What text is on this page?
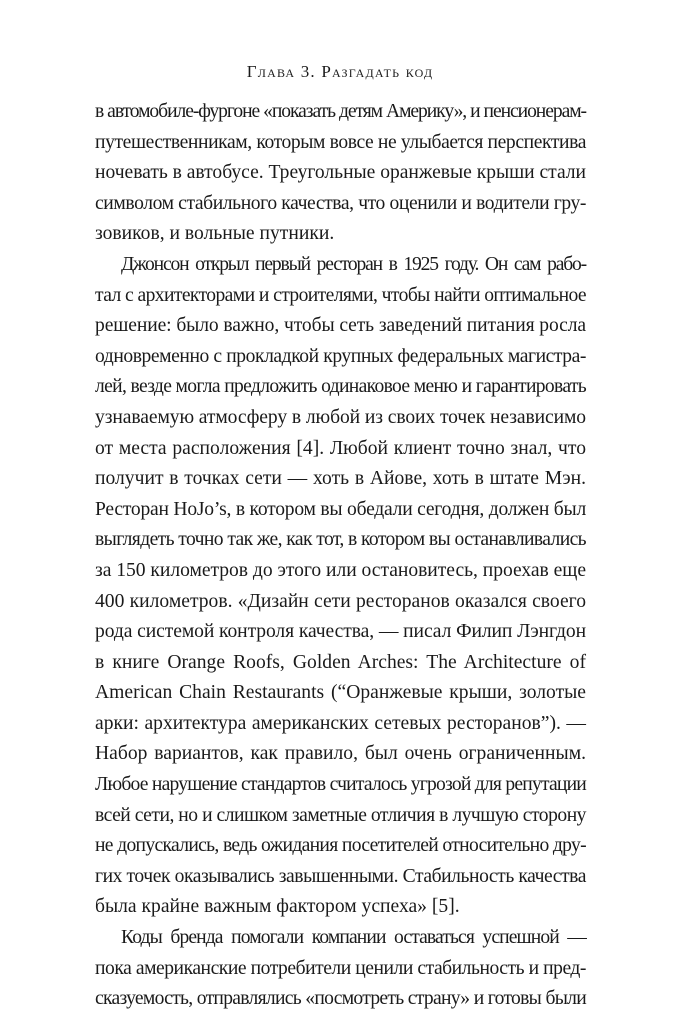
Глава 3. Разгадать код
в автомобиле-фургоне «показать детям Америку», и пенсионерам-
путешественникам, которым вовсе не улыбается перспектива
ночевать в автобусе. Треугольные оранжевые крыши стали
символом стабильного качества, что оценили и водители гру-
зовиков, и вольные путники.
Джонсон открыл первый ресторан в 1925 году. Он сам рабо-
тал с архитекторами и строителями, чтобы найти оптимальное
решение: было важно, чтобы сеть заведений питания росла
одновременно с прокладкой крупных федеральных магистра-
лей, везде могла предложить одинаковое меню и гарантировать
узнаваемую атмосферу в любой из своих точек независимо
от места расположения [4]. Любой клиент точно знал, что
получит в точках сети — хоть в Айове, хоть в штате Мэн.
Ресторан HoJo’s, в котором вы обедали сегодня, должен был
выглядеть точно так же, как тот, в котором вы останавливались
за 150 километров до этого или остановитесь, проехав еще
400 километров. «Дизайн сети ресторанов оказался своего
рода системой контроля качества, — писал Филип Лэнгдон
в книге Orange Roofs, Golden Arches: The Architecture of
American Chain Restaurants (“Оранжевые крыши, золотые
арки: архитектура американских сетевых ресторанов”). —
Набор вариантов, как правило, был очень ограниченным.
Любое нарушение стандартов считалось угрозой для репутации
всей сети, но и слишком заметные отличия в лучшую сторону
не допускались, ведь ожидания посетителей относительно дру-
гих точек оказывались завышенными. Стабильность качества
была крайне важным фактором успеха» [5].
Коды бренда помогали компании оставаться успешной —
пока американские потребители ценили стабильность и пред-
сказуемость, отправлялись «посмотреть страну» и готовы были
